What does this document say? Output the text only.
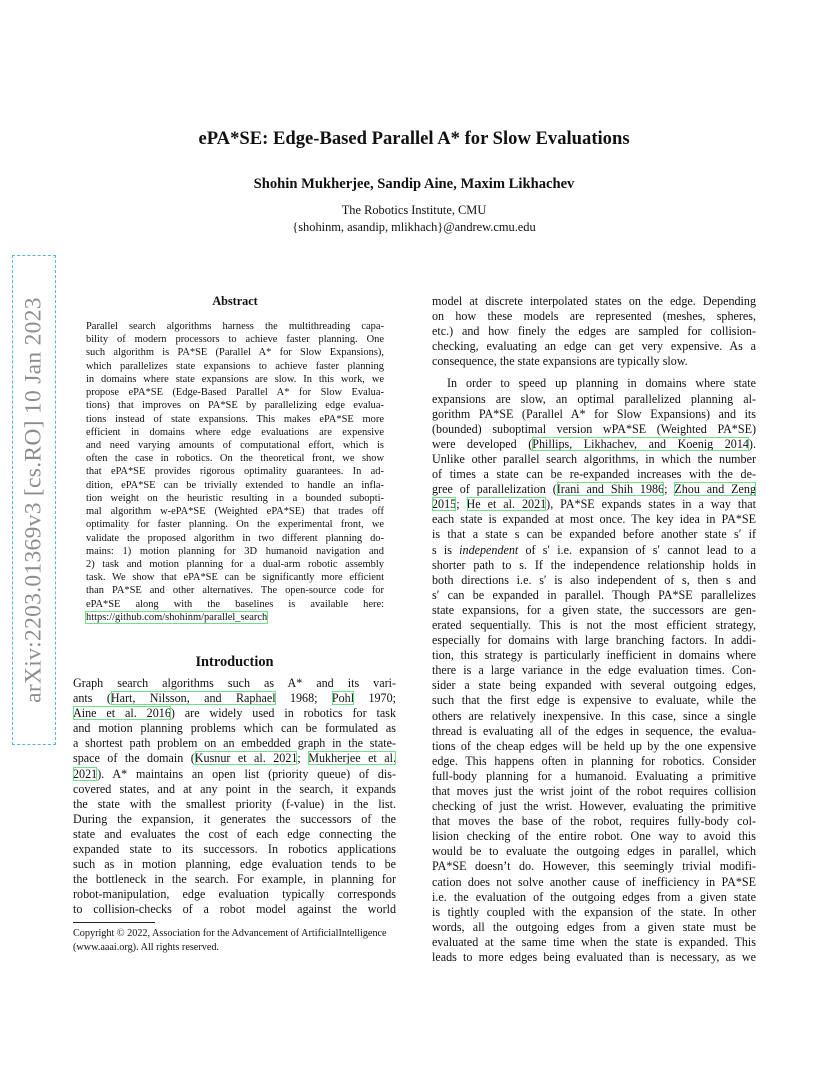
arXiv:2203.01369v3 [cs.RO] 10 Jan 2023
ePA*SE: Edge-Based Parallel A* for Slow Evaluations
Shohin Mukherjee, Sandip Aine, Maxim Likhachev
The Robotics Institute, CMU
{shohinm, asandip, mlikhach}@andrew.cmu.edu
Abstract
Parallel search algorithms harness the multithreading capa-
bility of modern processors to achieve faster planning. One
such algorithm is PA*SE (Parallel A* for Slow Expansions),
which parallelizes state expansions to achieve faster planning
in domains where state expansions are slow. In this work, we
propose ePA*SE (Edge-Based Parallel A* for Slow Evalua-
tions) that improves on PA*SE by parallelizing edge evalua-
tions instead of state expansions. This makes ePA*SE more
efficient in domains where edge evaluations are expensive
and need varying amounts of computational effort, which is
often the case in robotics. On the theoretical front, we show
that ePA*SE provides rigorous optimality guarantees. In ad-
dition, ePA*SE can be trivially extended to handle an infla-
tion weight on the heuristic resulting in a bounded subopti-
mal algorithm w-ePA*SE (Weighted ePA*SE) that trades off
optimality for faster planning. On the experimental front, we
validate the proposed algorithm in two different planning do-
mains: 1) motion planning for 3D humanoid navigation and
2) task and motion planning for a dual-arm robotic assembly
task. We show that ePA*SE can be significantly more efficient
than PA*SE and other alternatives. The open-source code for
ePA*SE along with the baselines is available here:
https://github.com/shohinm/parallel_search
Introduction
Graph search algorithms such as A* and its vari-
ants (Hart, Nilsson, and Raphael 1968; Pohl 1970;
Aine et al. 2016) are widely used in robotics for task
and motion planning problems which can be formulated as
a shortest path problem on an embedded graph in the state-
space of the domain (Kusnur et al. 2021; Mukherjee et al.
2021). A* maintains an open list (priority queue) of dis-
covered states, and at any point in the search, it expands
the state with the smallest priority (f-value) in the list.
During the expansion, it generates the successors of the
state and evaluates the cost of each edge connecting the
expanded state to its successors. In robotics applications
such as in motion planning, edge evaluation tends to be
the bottleneck in the search. For example, in planning for
robot-manipulation, edge evaluation typically corresponds
to collision-checks of a robot model against the world
Copyright © 2022, Association for the Advancement of ArtificialIntelligence (www.aaai.org). All rights reserved.
model at discrete interpolated states on the edge. Depending
on how these models are represented (meshes, spheres,
etc.) and how finely the edges are sampled for collision-
checking, evaluating an edge can get very expensive. As a
consequence, the state expansions are typically slow.
In order to speed up planning in domains where state
expansions are slow, an optimal parallelized planning al-
gorithm PA*SE (Parallel A* for Slow Expansions) and its
(bounded) suboptimal version wPA*SE (Weighted PA*SE)
were developed (Phillips, Likhachev, and Koenig 2014).
Unlike other parallel search algorithms, in which the number
of times a state can be re-expanded increases with the de-
gree of parallelization (Irani and Shih 1986; Zhou and Zeng
2015; He et al. 2021), PA*SE expands states in a way that
each state is expanded at most once. The key idea in PA*SE
is that a state s can be expanded before another state s′ if
s is independent of s′ i.e. expansion of s′ cannot lead to a
shorter path to s. If the independence relationship holds in
both directions i.e. s′ is also independent of s, then s and
s′ can be expanded in parallel. Though PA*SE parallelizes
state expansions, for a given state, the successors are gen-
erated sequentially. This is not the most efficient strategy,
especially for domains with large branching factors. In addi-
tion, this strategy is particularly inefficient in domains where
there is a large variance in the edge evaluation times. Con-
sider a state being expanded with several outgoing edges,
such that the first edge is expensive to evaluate, while the
others are relatively inexpensive. In this case, since a single
thread is evaluating all of the edges in sequence, the evalua-
tions of the cheap edges will be held up by the one expensive
edge. This happens often in planning for robotics. Consider
full-body planning for a humanoid. Evaluating a primitive
that moves just the wrist joint of the robot requires collision
checking of just the wrist. However, evaluating the primitive
that moves the base of the robot, requires fully-body col-
lision checking of the entire robot. One way to avoid this
would be to evaluate the outgoing edges in parallel, which
PA*SE doesn’t do. However, this seemingly trivial modifi-
cation does not solve another cause of inefficiency in PA*SE
i.e. the evaluation of the outgoing edges from a given state
is tightly coupled with the expansion of the state. In other
words, all the outgoing edges from a given state must be
evaluated at the same time when the state is expanded. This
leads to more edges being evaluated than is necessary, as we
